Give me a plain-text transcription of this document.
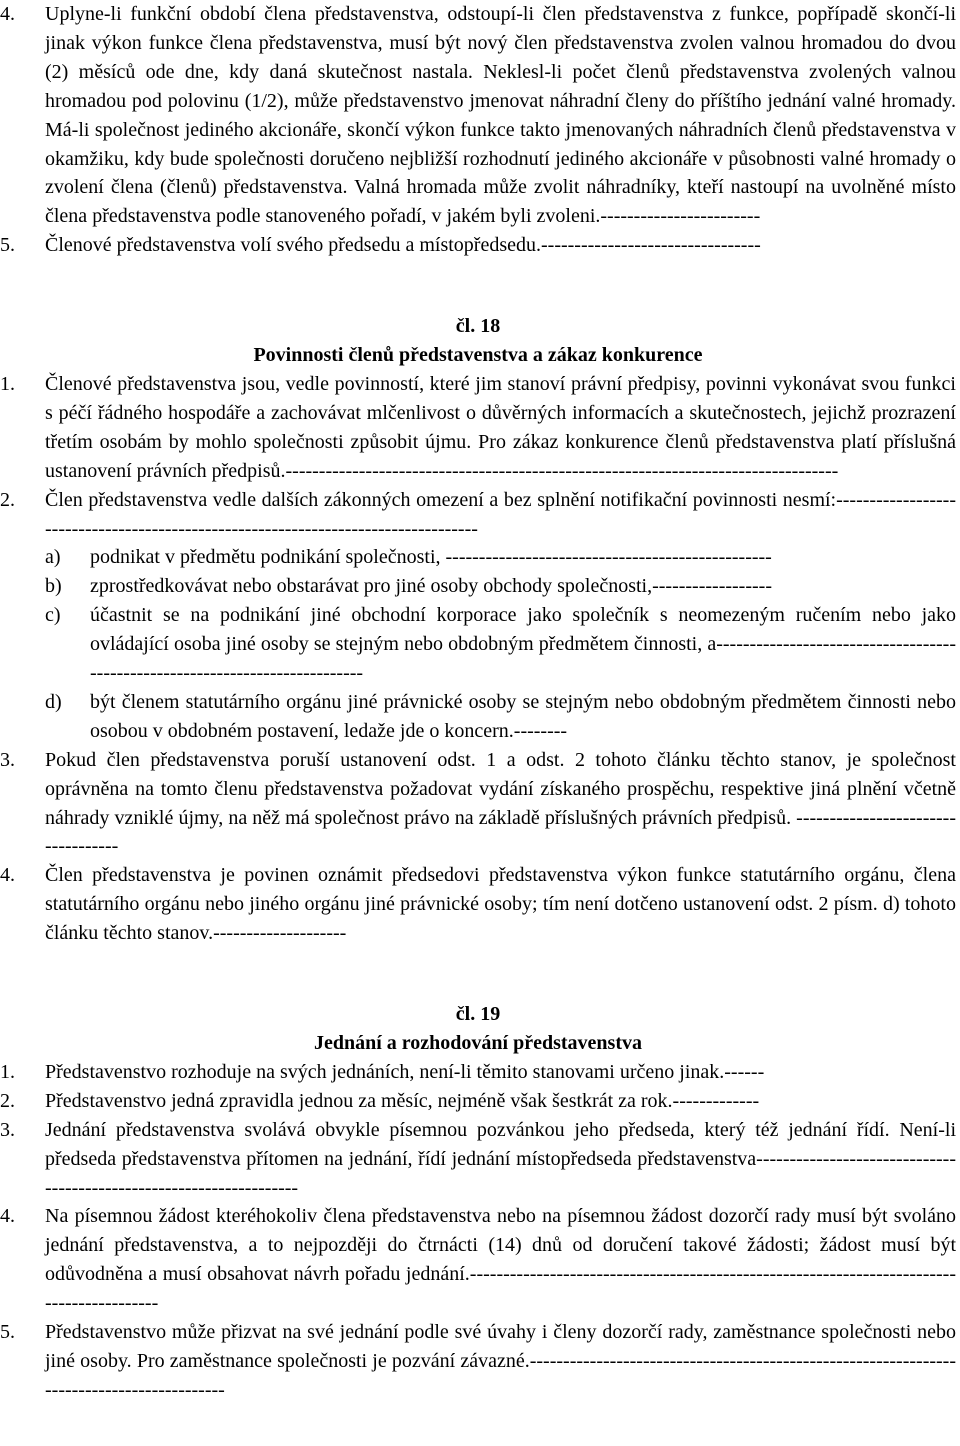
4. Uplyne-li funkční období člena představenstva, odstoupí-li člen představenstva z funkce, popřípadě skončí-li jinak výkon funkce člena představenstva, musí být nový člen představenstva zvolen valnou hromadou do dvou (2) měsíců ode dne, kdy daná skutečnost nastala. Neklesl-li počet členů představenstva zvolených valnou hromadou pod polovinu (1/2), může představenstvo jmenovat náhradní členy do příštího jednání valné hromady. Má-li společnost jediného akcionáře, skončí výkon funkce takto jmenovaných náhradních členů představenstva v okamžiku, kdy bude společnosti doručeno nejbližší rozhodnutí jediného akcionáře v působnosti valné hromady o zvolení člena (členů) představenstva. Valná hromada může zvolit náhradníky, kteří nastoupí na uvolněné místo člena představenstva podle stanoveného pořadí, v jakém byli zvoleni.------------------------
5. Členové představenstva volí svého předsedu a místopředsedu.---------------------------------
čl. 18
Povinnosti členů představenstva a zákaz konkurence
1. Členové představenstva jsou, vedle povinností, které jim stanoví právní předpisy, povinni vykonávat svou funkci s péčí řádného hospodáře a zachovávat mlčenlivost o důvěrných informacích a skutečnostech, jejichž prozrazení třetím osobám by mohlo společnosti způsobit újmu. Pro zákaz konkurence členů představenstva platí příslušná ustanovení právních předpisů.-----------------------------------------------------------------------------------
2. Člen představenstva vedle dalších zákonných omezení a bez splnění notifikační povinnosti nesmí:-----------------------------------------------------------------------------------
a) podnikat v předmětu podnikání společnosti, -------------------------------------------------
b) zprostředkovávat nebo obstarávat pro jiné osoby obchody společnosti,------------------
c) účastnit se na podnikání jiné obchodní korporace jako společník s neomezeným ručením nebo jako ovládající osoba jiné osoby se stejným nebo obdobným předmětem činnosti, a-----------------------------------------------------------------------------
d) být členem statutárního orgánu jiné právnické osoby se stejným nebo obdobným předmětem činnosti nebo osobou v obdobném postavení, ledaže jde o koncern.--------
3. Pokud člen představenstva poruší ustanovení odst. 1 a odst. 2 tohoto článku těchto stanov, je společnost oprávněna na tomto členu představenstva požadovat vydání získaného prospěchu, respektive jiná plnění včetně náhrady vzniklé újmy, na něž má společnost právo na základě příslušných právních předpisů. -----------------------------------
4. Člen představenstva je povinen oznámit předsedovi představenstva výkon funkce statutárního orgánu, člena statutárního orgánu nebo jiného orgánu jiné právnické osoby; tím není dotčeno ustanovení odst. 2 písm. d) tohoto článku těchto stanov.--------------------
čl. 19
Jednání a rozhodování představenstva
1. Představenstvo rozhoduje na svých jednáních, není-li těmito stanovami určeno jinak.------
2. Představenstvo jedná zpravidla jednou za měsíc, nejméně však šestkrát za rok.-------------
3. Jednání představenstva svolává obvykle písemnou pozvánkou jeho předseda, který též jednání řídí. Není-li předseda představenstva přítomen na jednání, řídí jednání místopředseda představenstva--------------------------------------------------------------------
4. Na písemnou žádost kteréhokoliv člena představenstva nebo na písemnou žádost dozorčí rady musí být svoláno jednání představenstva, a to nejpozději do čtrnácti (14) dnů od doručení takové žádosti; žádost musí být odůvodněna a musí obsahovat návrh pořadu jednání.------------------------------------------------------------------------------------------
5. Představenstvo může přizvat na své jednání podle své úvahy i členy dozorčí rady, zaměstnance společnosti nebo jiné osoby. Pro zaměstnance společnosti je pozvání závazné.-------------------------------------------------------------------------------------------
